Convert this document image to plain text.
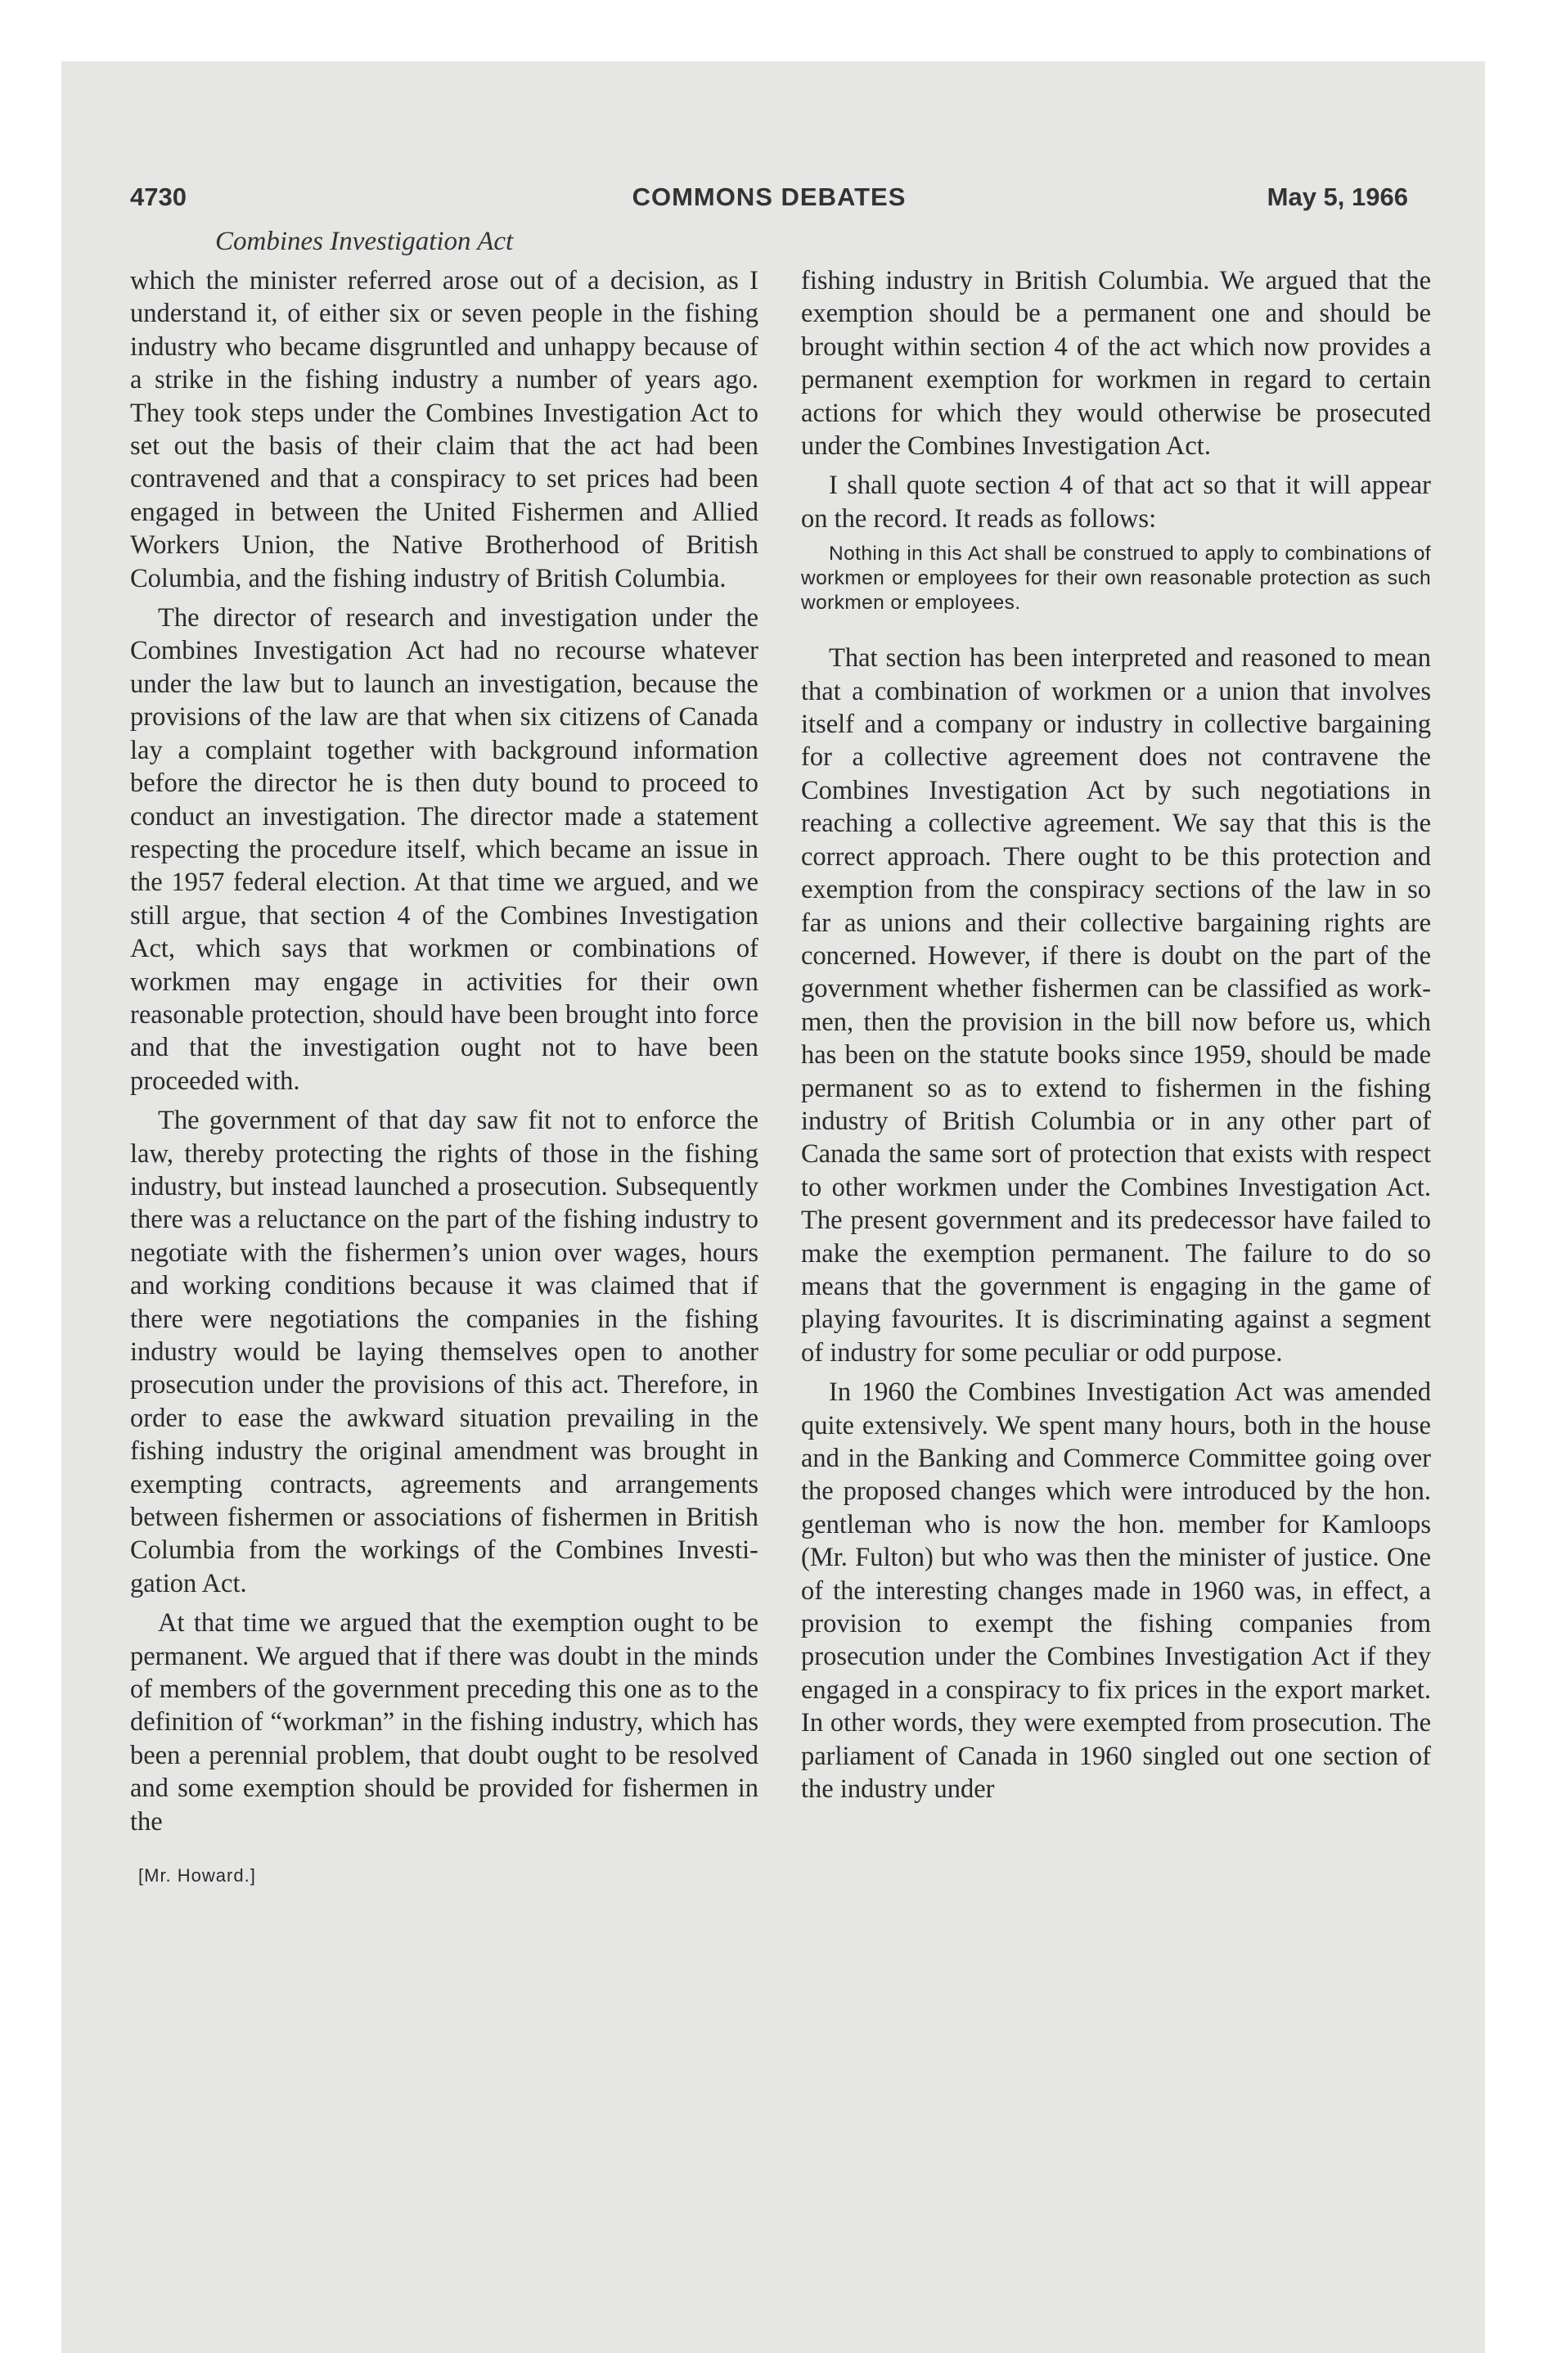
4730	COMMONS DEBATES	May 5, 1966
Combines Investigation Act

which the minister referred arose out of a decision, as I understand it, of either six or seven people in the fishing industry who became disgruntled and unhappy because of a strike in the fishing industry a number of years ago. They took steps under the Combines Investigation Act to set out the basis of their claim that the act had been contravened and that a conspiracy to set prices had been engaged in between the United Fishermen and Allied Workers Union, the Native Brotherhood of British Columbia, and the fishing industry of British Columbia.

The director of research and investigation under the Combines Investigation Act had no recourse whatever under the law but to launch an investigation, because the provisions of the law are that when six citizens of Canada lay a complaint together with background information before the director he is then duty bound to proceed to conduct an investigation. The director made a statement respecting the procedure itself, which became an issue in the 1957 federal election. At that time we argued, and we still argue, that section 4 of the Combines Investigation Act, which says that workmen or combinations of workmen may engage in activities for their own reasonable protection, should have been brought into force and that the investigation ought not to have been proceeded with.

The government of that day saw fit not to enforce the law, thereby protecting the rights of those in the fishing industry, but instead launched a prosecution. Subsequently there was a reluctance on the part of the fishing industry to negotiate with the fishermen’s union over wages, hours and working conditions because it was claimed that if there were negotiations the companies in the fishing industry would be laying themselves open to another prosecution under the provisions of this act. Therefore, in order to ease the awkward situation prevailing in the fishing industry the original amendment was brought in exempting contracts, agreements and arrangements between fishermen or associations of fishermen in British Columbia from the workings of the Combines Investigation Act.

At that time we argued that the exemption ought to be permanent. We argued that if there was doubt in the minds of members of the government preceding this one as to the definition of “workman” in the fishing industry, which has been a perennial problem, that doubt ought to be resolved and some exemption should be provided for fishermen in the

[Mr. Howard.]

fishing industry in British Columbia. We argued that the exemption should be a permanent one and should be brought within section 4 of the act which now provides a permanent exemption for workmen in regard to certain actions for which they would otherwise be prosecuted under the Combines Investigation Act.

I shall quote section 4 of that act so that it will appear on the record. It reads as follows:

Nothing in this Act shall be construed to apply to combinations of workmen or employees for their own reasonable protection as such workmen or employees.

That section has been interpreted and reasoned to mean that a combination of workmen or a union that involves itself and a company or industry in collective bargaining for a collective agreement does not contravene the Combines Investigation Act by such negotiations in reaching a collective agreement. We say that this is the correct approach. There ought to be this protection and exemption from the conspiracy sections of the law in so far as unions and their collective bargaining rights are concerned. However, if there is doubt on the part of the government whether fishermen can be classified as workmen, then the provision in the bill now before us, which has been on the statute books since 1959, should be made permanent so as to extend to fishermen in the fishing industry of British Columbia or in any other part of Canada the same sort of protection that exists with respect to other workmen under the Combines Investigation Act. The present government and its predecessor have failed to make the exemption permanent. The failure to do so means that the government is engaging in the game of playing favourites. It is discriminating against a segment of industry for some peculiar or odd purpose.

In 1960 the Combines Investigation Act was amended quite extensively. We spent many hours, both in the house and in the Banking and Commerce Committee going over the proposed changes which were introduced by the hon. gentleman who is now the hon. member for Kamloops (Mr. Fulton) but who was then the minister of justice. One of the interesting changes made in 1960 was, in effect, a provision to exempt the fishing companies from prosecution under the Combines Investigation Act if they engaged in a conspiracy to fix prices in the export market. In other words, they were exempted from prosecution. The parliament of Canada in 1960 singled out one section of the industry under
